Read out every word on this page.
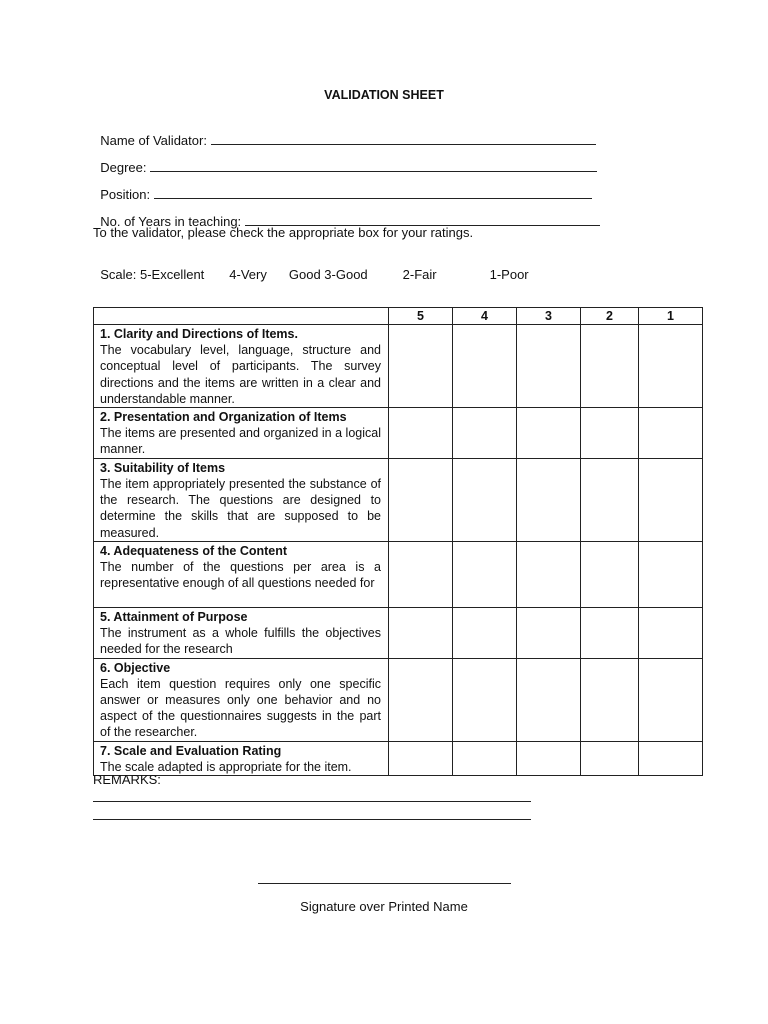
VALIDATION SHEET

Name of Validator:

Degree:

Position:

No. of Years in teaching:

To the validator, please check the appropriate box for your ratings.

Scale: 5-Excellent 4-Very Good 3-Good	2-Fair	1-Poor

	5	4	3	2	1

1. Clarity and Directions of Items.
The vocabulary level, language, structure and conceptual level of participants. The survey directions and the items are written in a clear and understandable manner.					

2. Presentation and Organization of Items
The items are presented and organized in a logical manner.					

3. Suitability of Items
The item appropriately presented the substance of the research. The questions are designed to determine the skills that are supposed to be measured.					

4. Adequateness of the Content
The number of the questions per area is a representative enough of all questions needed for					

5. Attainment of Purpose
The instrument as a whole fulfills the objectives needed for the research					

6. Objective
Each item question requires only one specific answer or measures only one behavior and no aspect of the questionnaires suggests in the part of the researcher.					

7. Scale and Evaluation Rating
The scale adapted is appropriate for the item.					

REMARKS:
Signature over Printed Name
